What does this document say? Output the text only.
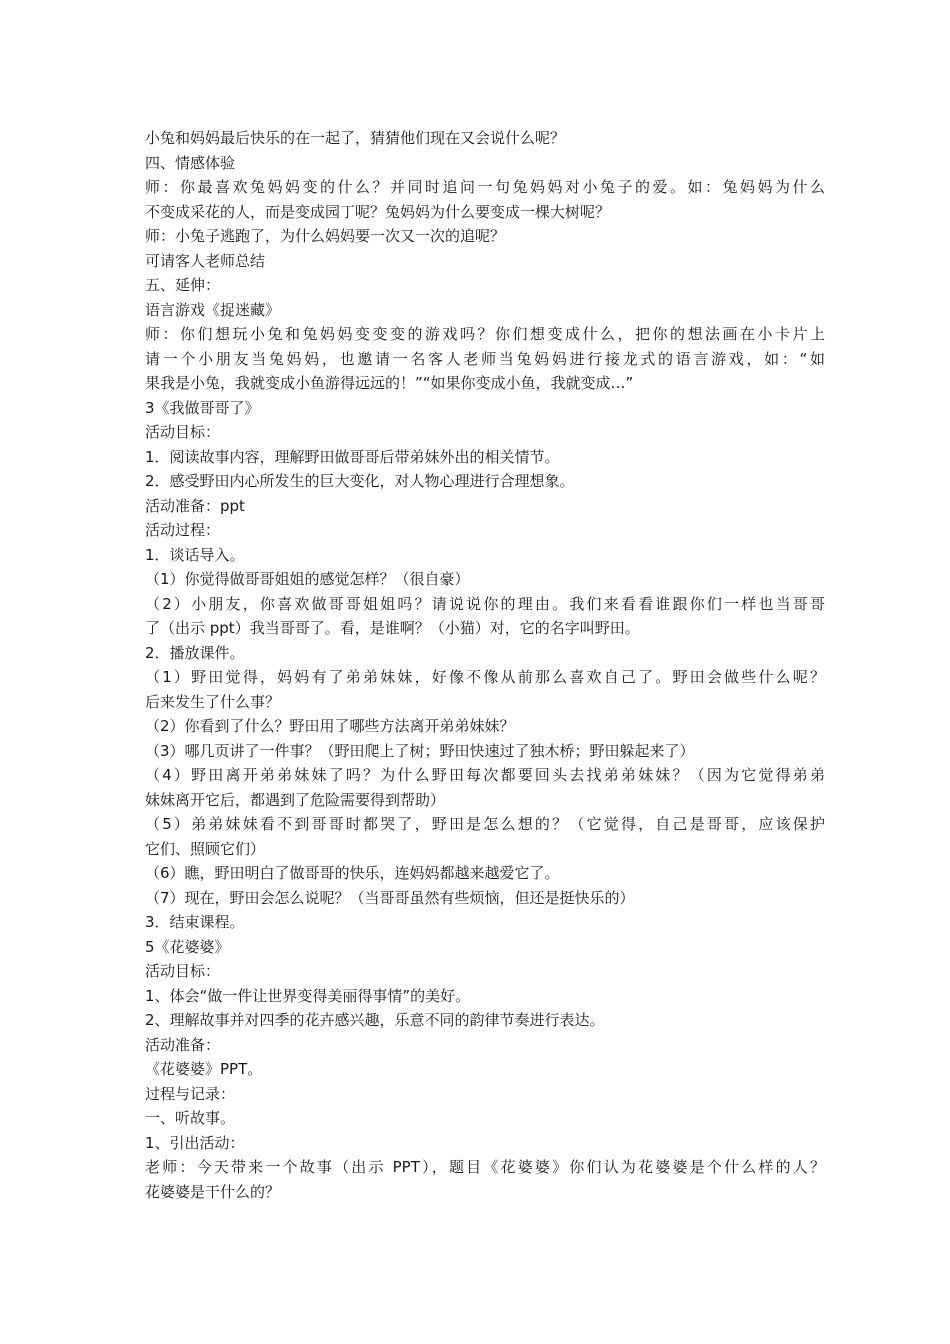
小兔和妈妈最后快乐的在一起了，猜猜他们现在又会说什么呢？
四、情感体验
师：你最喜欢兔妈妈变的什么？并同时追问一句兔妈妈对小兔子的爱。如：兔妈妈为什么
不变成采花的人，而是变成园丁呢？兔妈妈为什么要变成一棵大树呢？
师：小兔子逃跑了，为什么妈妈要一次又一次的追呢？
可请客人老师总结
五、延伸：
语言游戏《捉迷藏》
师：你们想玩小兔和兔妈妈变变变的游戏吗？你们想变成什么，把你的想法画在小卡片上
请一个小朋友当兔妈妈，也邀请一名客人老师当兔妈妈进行接龙式的语言游戏，如：“如
果我是小兔，我就变成小鱼游得远远的！”“如果你变成小鱼，我就变成…”
3《我做哥哥了》
活动目标：
1．阅读故事内容，理解野田做哥哥后带弟妹外出的相关情节。
2．感受野田内心所发生的巨大变化，对人物心理进行合理想象。
活动准备：ppt
活动过程：
1．谈话导入。
（1）你觉得做哥哥姐姐的感觉怎样？（很自豪）
（2）小朋友，你喜欢做哥哥姐姐吗？请说说你的理由。我们来看看谁跟你们一样也当哥哥
了（出示 ppt）我当哥哥了。看，是谁啊？（小猫）对，它的名字叫野田。
2．播放课件。
（1）野田觉得，妈妈有了弟弟妹妹，好像不像从前那么喜欢自己了。野田会做些什么呢？
后来发生了什么事？
（2）你看到了什么？野田用了哪些方法离开弟弟妹妹？
（3）哪几页讲了一件事？（野田爬上了树；野田快速过了独木桥；野田躲起来了）
（4）野田离开弟弟妹妹了吗？为什么野田每次都要回头去找弟弟妹妹？（因为它觉得弟弟
妹妹离开它后，都遇到了危险需要得到帮助）
（5）弟弟妹妹看不到哥哥时都哭了，野田是怎么想的？（它觉得，自己是哥哥，应该保护
它们、照顾它们）
（6）瞧，野田明白了做哥哥的快乐，连妈妈都越来越爱它了。
（7）现在，野田会怎么说呢？（当哥哥虽然有些烦恼，但还是挺快乐的）
3．结束课程。
5《花婆婆》
活动目标：
1、体会“做一件让世界变得美丽得事情”的美好。
2、理解故事并对四季的花卉感兴趣，乐意不同的韵律节奏进行表达。
活动准备：
《花婆婆》PPT。
过程与记录：
一、听故事。
1、引出活动：
老师：今天带来一个故事（出示 PPT），题目《花婆婆》你们认为花婆婆是个什么样的人？
花婆婆是干什么的？
